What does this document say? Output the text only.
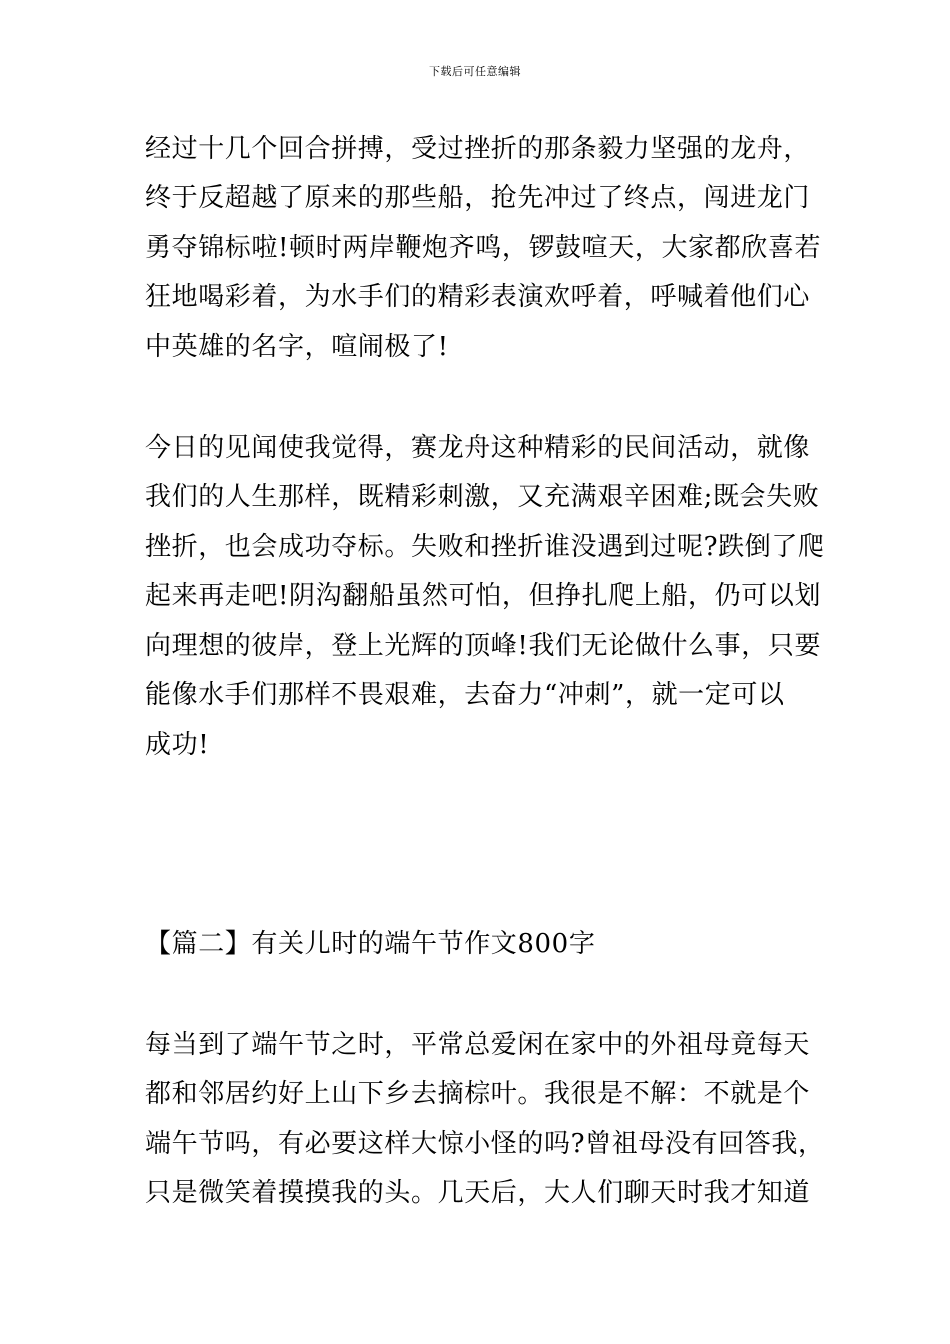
下载后可任意编辑
经过十几个回合拼搏，受过挫折的那条毅力坚强的龙舟，
终于反超越了原来的那些船，抢先冲过了终点，闯进龙门
勇夺锦标啦!顿时两岸鞭炮齐鸣，锣鼓喧天，大家都欣喜若
狂地喝彩着，为水手们的精彩表演欢呼着，呼喊着他们心
中英雄的名字，喧闹极了!
今日的见闻使我觉得，赛龙舟这种精彩的民间活动，就像
我们的人生那样，既精彩刺激，又充满艰辛困难;既会失败
挫折，也会成功夺标。失败和挫折谁没遇到过呢?跌倒了爬
起来再走吧!阴沟翻船虽然可怕，但挣扎爬上船，仍可以划
向理想的彼岸，登上光辉的顶峰!我们无论做什么事，只要
能像水手们那样不畏艰难，去奋力“冲刺”，就一定可以
成功!
【篇二】有关儿时的端午节作文800字
每当到了端午节之时，平常总爱闲在家中的外祖母竟每天
都和邻居约好上山下乡去摘棕叶。我很是不解：不就是个
端午节吗，有必要这样大惊小怪的吗?曾祖母没有回答我，
只是微笑着摸摸我的头。几天后，大人们聊天时我才知道
